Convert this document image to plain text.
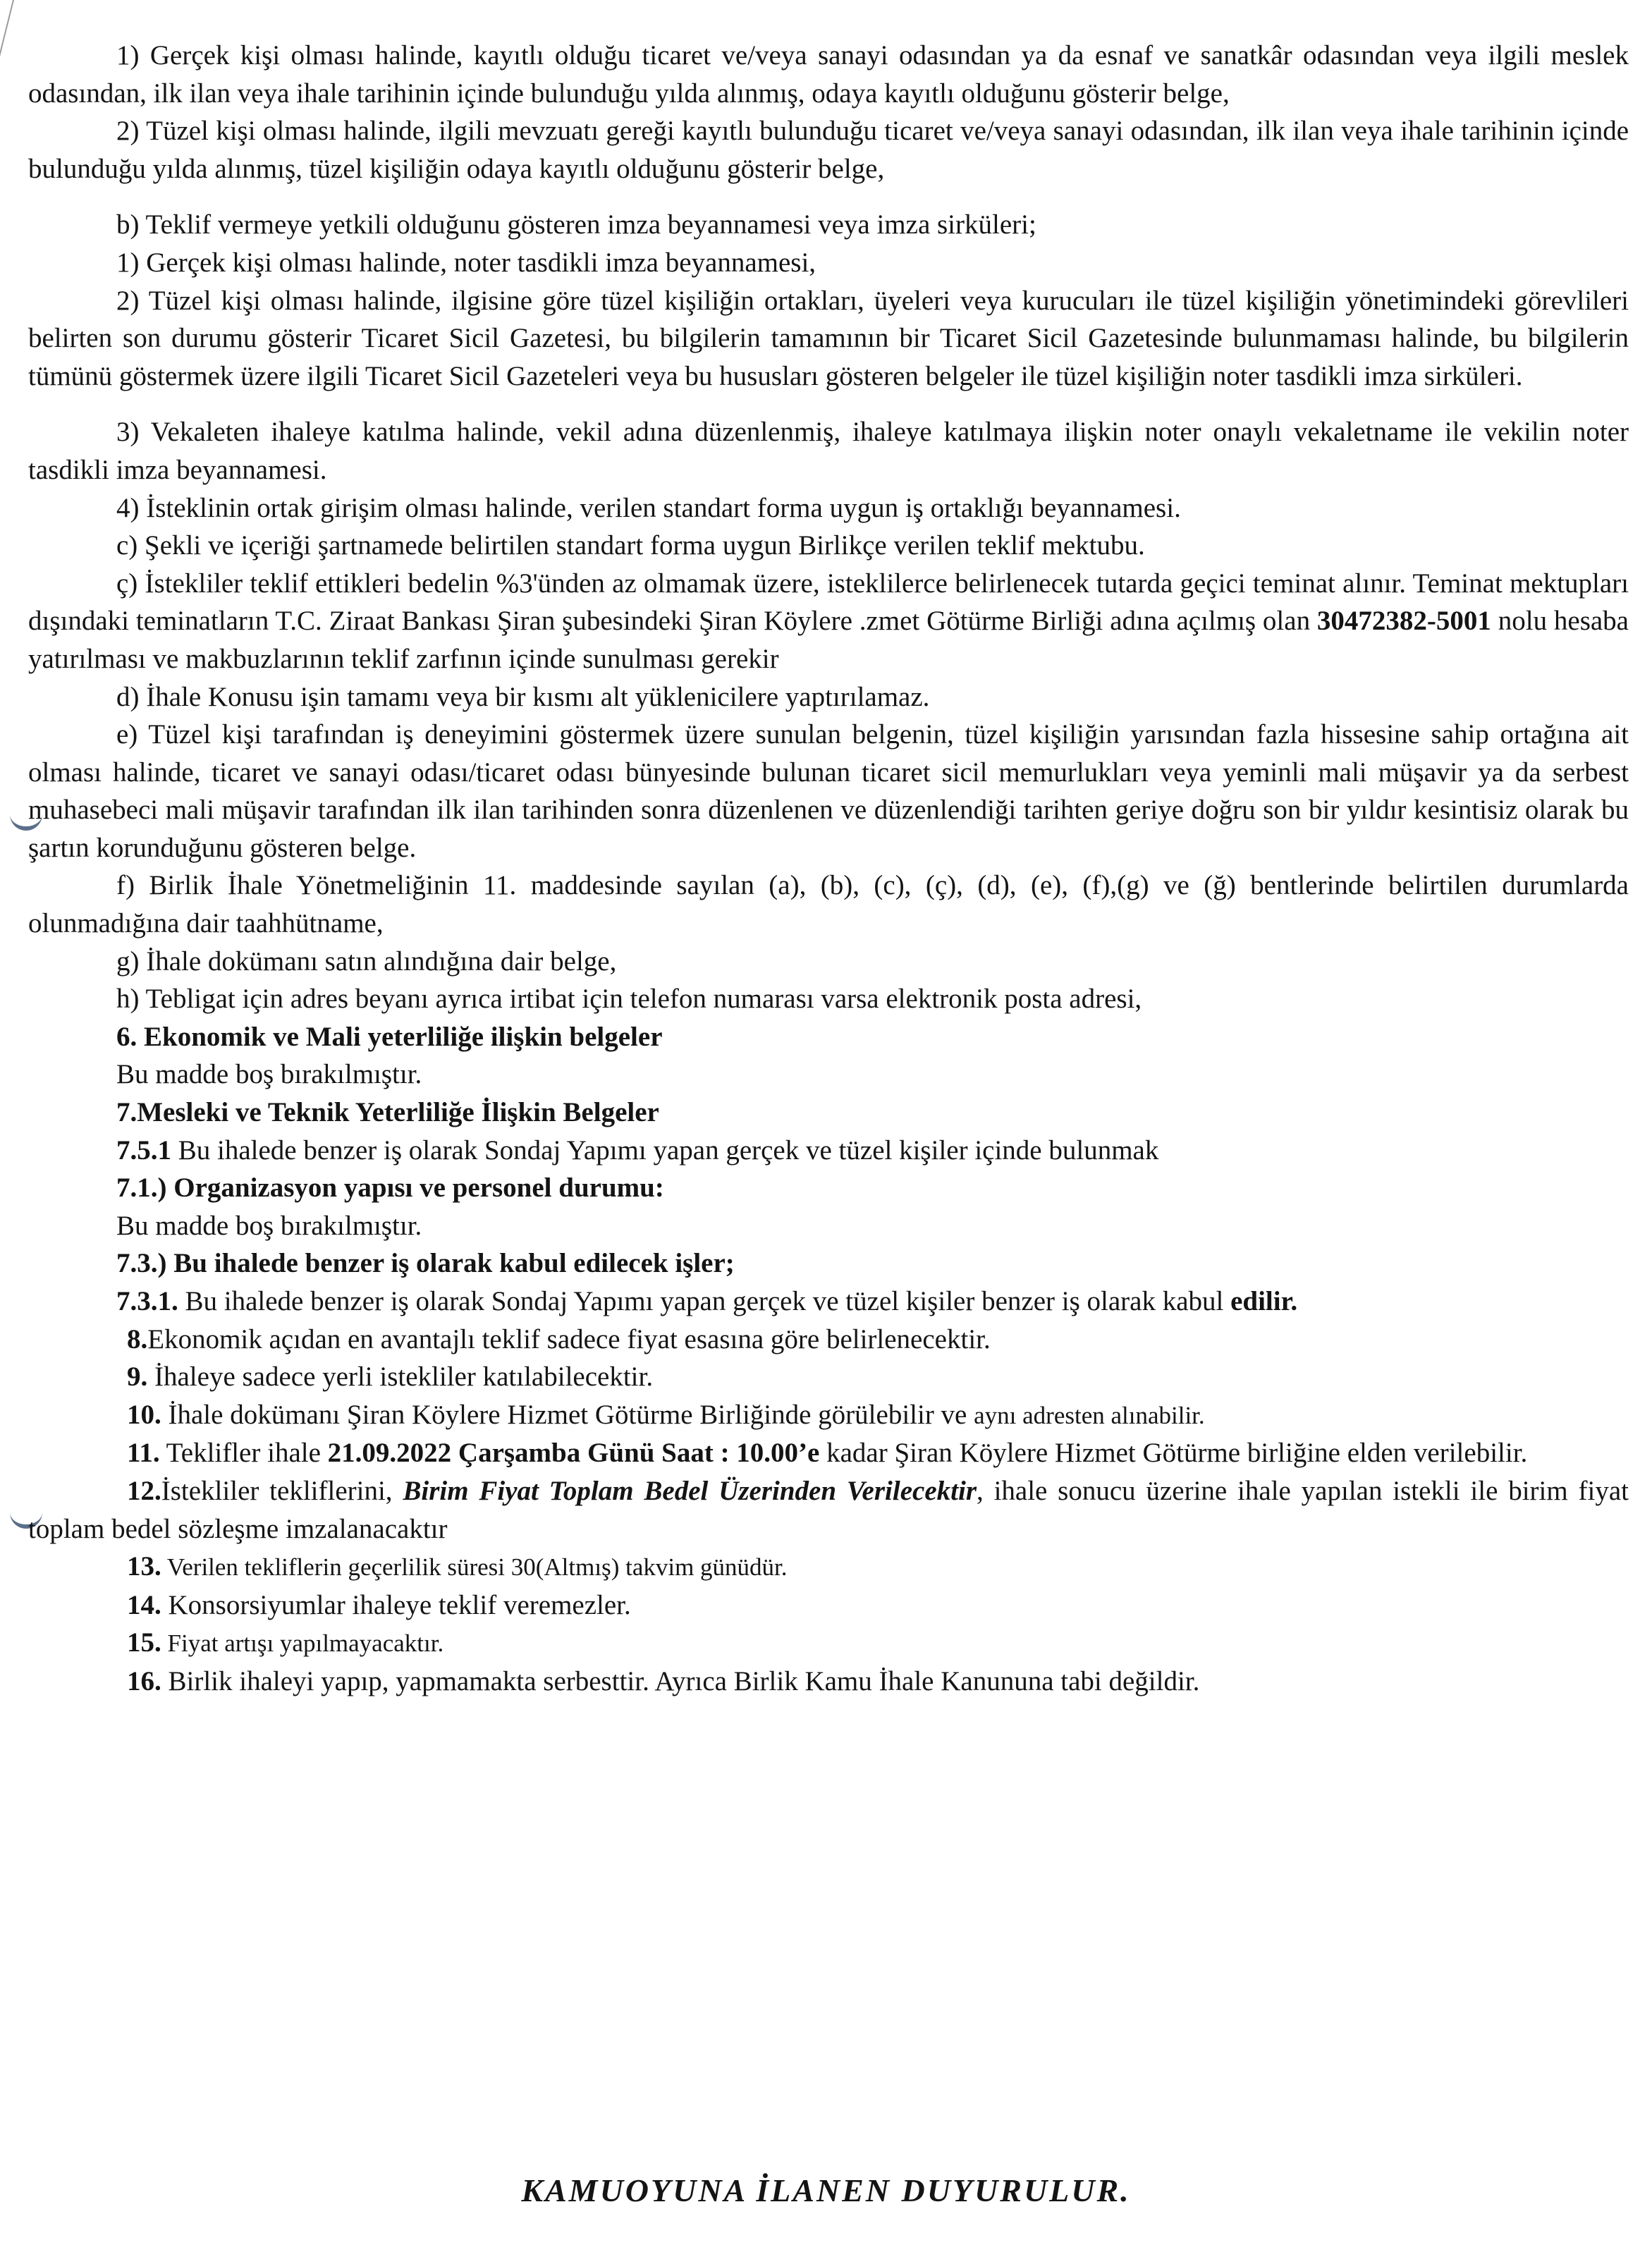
1) Gerçek kişi olması halinde, kayıtlı olduğu ticaret ve/veya sanayi odasından ya da esnaf ve sanatkâr odasından veya ilgili meslek odasından, ilk ilan veya ihale tarihinin içinde bulunduğu yılda alınmış, odaya kayıtlı olduğunu gösterir belge,

2) Tüzel kişi olması halinde, ilgili mevzuatı gereği kayıtlı bulunduğu ticaret ve/veya sanayi odasından, ilk ilan veya ihale tarihinin içinde bulunduğu yılda alınmış, tüzel kişiliğin odaya kayıtlı olduğunu gösterir belge,

b) Teklif vermeye yetkili olduğunu gösteren imza beyannamesi veya imza sirküleri;

1) Gerçek kişi olması halinde, noter tasdikli imza beyannamesi,

2) Tüzel kişi olması halinde, ilgisine göre tüzel kişiliğin ortakları, üyeleri veya kurucuları ile tüzel kişiliğin yönetimindeki görevlileri belirten son durumu gösterir Ticaret Sicil Gazetesi, bu bilgilerin tamamının bir Ticaret Sicil Gazetesinde bulunmaması halinde, bu bilgilerin tümünü göstermek üzere ilgili Ticaret Sicil Gazeteleri veya bu hususları gösteren belgeler ile tüzel kişiliğin noter tasdikli imza sirküleri.

3) Vekaleten ihaleye katılma halinde, vekil adına düzenlenmiş, ihaleye katılmaya ilişkin noter onaylı vekaletname ile vekilin noter tasdikli imza beyannamesi.

4) İsteklinin ortak girişim olması halinde, verilen standart forma uygun iş ortaklığı beyannamesi.

c) Şekli ve içeriği şartnamede belirtilen standart forma uygun Birlikçe verilen teklif mektubu.

ç) İstekliler teklif ettikleri bedelin %3'ünden az olmamak üzere, isteklilerce belirlenecek tutarda geçici teminat alınır. Teminat mektupları dışındaki teminatların T.C. Ziraat Bankası Şiran şubesindeki Şiran Köylere .zmet Götürme Birliği adına açılmış olan 30472382-5001 nolu hesaba yatırılması ve makbuzlarının teklif zarfının içinde sunulması gerekir

d) İhale Konusu işin tamamı veya bir kısmı alt yüklenicilere yaptırılamaz.

e) Tüzel kişi tarafından iş deneyimini göstermek üzere sunulan belgenin, tüzel kişiliğin yarısından fazla hissesine sahip ortağına ait olması halinde, ticaret ve sanayi odası/ticaret odası bünyesinde bulunan ticaret sicil memurlukları veya yeminli mali müşavir ya da serbest muhasebeci mali müşavir tarafından ilk ilan tarihinden sonra düzenlenen ve düzenlendiği tarihten geriye doğru son bir yıldır kesintisiz olarak bu şartın korunduğunu gösteren belge.

f) Birlik İhale Yönetmeliğinin 11. maddesinde sayılan (a), (b), (c), (ç), (d), (e), (f),(g) ve (ğ) bentlerinde belirtilen durumlarda olunmadığına dair taahhütname,

g) İhale dokümanı satın alındığına dair belge,

h) Tebligat için adres beyanı ayrıca irtibat için telefon numarası varsa elektronik posta adresi,

6. Ekonomik ve Mali yeterliliğe ilişkin belgeler

Bu madde boş bırakılmıştır.

7.Mesleki ve Teknik Yeterliliğe İlişkin Belgeler

7.5.1 Bu ihalede benzer iş olarak Sondaj Yapımı yapan gerçek ve tüzel kişiler içinde bulunmak

7.1.) Organizasyon yapısı ve personel durumu:

Bu madde boş bırakılmıştır.

7.3.) Bu ihalede benzer iş olarak kabul edilecek işler;

7.3.1. Bu ihalede benzer iş olarak Sondaj Yapımı yapan gerçek ve tüzel kişiler benzer iş olarak kabul edilir.

8.Ekonomik açıdan en avantajlı teklif sadece fiyat esasına göre belirlenecektir.

9. İhaleye sadece yerli istekliler katılabilecektir.

10. İhale dokümanı Şiran Köylere Hizmet Götürme Birliğinde görülebilir ve aynı adresten alınabilir.

11. Teklifler ihale 21.09.2022 Çarşamba Günü Saat : 10.00’e kadar Şiran Köylere Hizmet Götürme birliğine elden verilebilir.

12.İstekliler tekliflerini, Birim Fiyat Toplam Bedel Üzerinden Verilecektir, ihale sonucu üzerine ihale yapılan istekli ile birim fiyat toplam bedel sözleşme imzalanacaktır

13. Verilen tekliflerin geçerlilik süresi 30(Altmış) takvim günüdür.

14. Konsorsiyumlar ihaleye teklif veremezler.

15. Fiyat artışı yapılmayacaktır.

16. Birlik ihaleyi yapıp, yapmamakta serbesttir. Ayrıca Birlik Kamu İhale Kanununa tabi değildir.

KAMUOYUNA İLANEN DUYURULUR.
